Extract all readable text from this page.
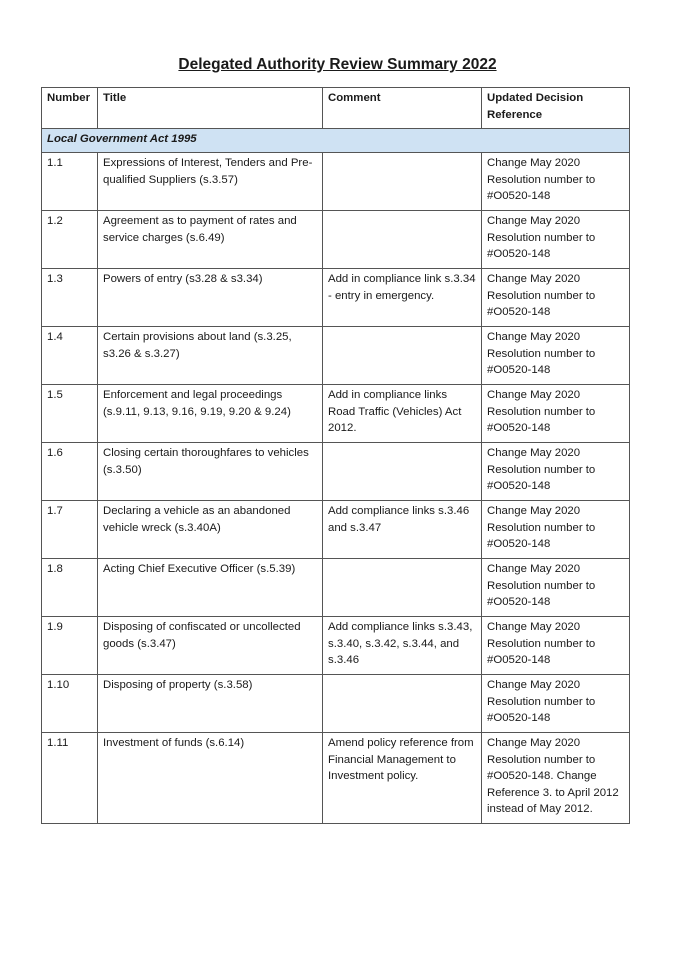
Delegated Authority Review Summary 2022
Number	Title	Comment	Updated Decision Reference
Local Government Act 1995			
1.1	Expressions of Interest, Tenders and Pre-qualified Suppliers (s.3.57)		Change May 2020 Resolution number to #O0520-148
1.2	Agreement as to payment of rates and service charges (s.6.49)		Change May 2020 Resolution number to #O0520-148
1.3	Powers of entry (s3.28 & s3.34)	Add in compliance link s.3.34 - entry in emergency.	Change May 2020 Resolution number to #O0520-148
1.4	Certain provisions about land (s.3.25, s3.26 & s.3.27)		Change May 2020 Resolution number to #O0520-148
1.5	Enforcement and legal proceedings (s.9.11, 9.13, 9.16, 9.19, 9.20 & 9.24)	Add in compliance links Road Traffic (Vehicles) Act 2012.	Change May 2020 Resolution number to #O0520-148
1.6	Closing certain thoroughfares to vehicles (s.3.50)		Change May 2020 Resolution number to #O0520-148
1.7	Declaring a vehicle as an abandoned vehicle wreck (s.3.40A)	Add compliance links s.3.46 and s.3.47	Change May 2020 Resolution number to #O0520-148
1.8	Acting Chief Executive Officer (s.5.39)		Change May 2020 Resolution number to #O0520-148
1.9	Disposing of confiscated or uncollected goods (s.3.47)	Add compliance links s.3.43, s.3.40, s.3.42, s.3.44, and s.3.46	Change May 2020 Resolution number to #O0520-148
1.10	Disposing of property (s.3.58)		Change May 2020 Resolution number to #O0520-148
1.11	Investment of funds (s.6.14)	Amend policy reference from Financial Management to Investment policy.	Change May 2020 Resolution number to #O0520-148. Change Reference 3. to April 2012 instead of May 2012.
